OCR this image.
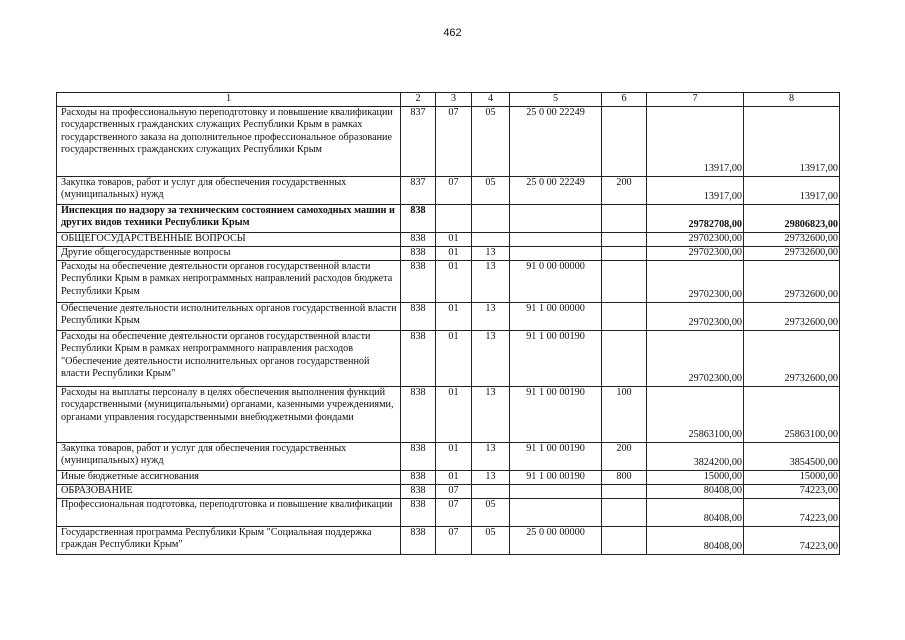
462
1	2	3	4	5	6	7	8
Расходы на профессиональную переподготовку и повышение квалификации государственных гражданских служащих Республики Крым в рамках государственного заказа на дополнительное профессиональное образование государственных гражданских служащих Республики Крым	837	07	05	25 0 00 22249		13917,00	13917,00
Закупка товаров, работ и услуг для обеспечения государственных (муниципальных) нужд	837	07	05	25 0 00 22249	200	13917,00	13917,00
Инспекция по надзору за техническим состоянием самоходных машин и других видов техники Республики Крым	838					29782708,00	29806823,00
ОБЩЕГОСУДАРСТВЕННЫЕ ВОПРОСЫ	838	01				29702300,00	29732600,00
Другие общегосударственные вопросы	838	01	13			29702300,00	29732600,00
Расходы на обеспечение деятельности органов государственной власти Республики Крым в рамках непрограммных направлений расходов бюджета Республики Крым	838	01	13	91 0 00 00000		29702300,00	29732600,00
Обеспечение деятельности исполнительных органов государственной власти Республики Крым	838	01	13	91 1 00 00000		29702300,00	29732600,00
Расходы на обеспечение деятельности органов государственной власти Республики Крым в рамках непрограммного направления расходов "Обеспечение деятельности исполнительных органов государственной власти Республики Крым"	838	01	13	91 1 00 00190		29702300,00	29732600,00
Расходы на выплаты персоналу в целях обеспечения выполнения функций государственными (муниципальными) органами, казенными учреждениями, органами управления государственными внебюджетными фондами	838	01	13	91 1 00 00190	100	25863100,00	25863100,00
Закупка товаров, работ и услуг для обеспечения государственных (муниципальных) нужд	838	01	13	91 1 00 00190	200	3824200,00	3854500,00
Иные бюджетные ассигнования	838	01	13	91 1 00 00190	800	15000,00	15000,00
ОБРАЗОВАНИЕ	838	07				80408,00	74223,00
Профессиональная подготовка, переподготовка и повышение квалификации	838	07	05			80408,00	74223,00
Государственная программа Республики Крым "Социальная поддержка граждан Республики Крым"	838	07	05	25 0 00 00000		80408,00	74223,00
